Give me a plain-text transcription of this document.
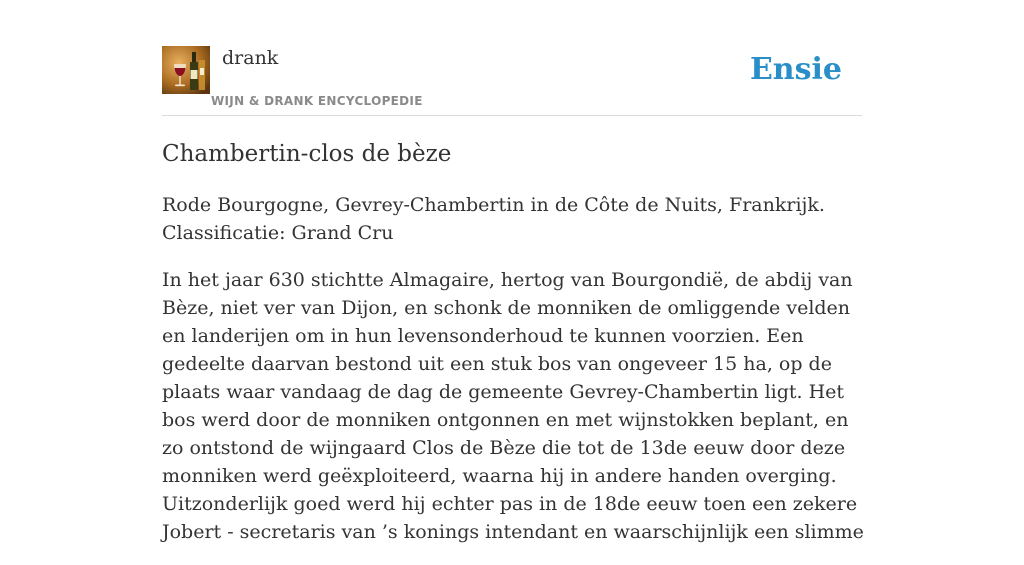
drank
WIJN & DRANK ENCYCLOPEDIE
Ensie
Chambertin-clos de bèze

Rode Bourgogne, Gevrey-Chambertin in de Côte de Nuits, Frankrijk. Classificatie: Grand Cru

In het jaar 630 stichtte Almagaire, hertog van Bourgondië, de abdij van Bèze, niet ver van Dijon, en schonk de monniken de omliggende velden en landerijen om in hun levensonderhoud te kunnen voorzien. Een gedeelte daarvan bestond uit een stuk bos van ongeveer 15 ha, op de plaats waar vandaag de dag de gemeente Gevrey-Chambertin ligt. Het bos werd door de monniken ontgonnen en met wijnstokken beplant, en zo ontstond de wijngaard Clos de Bèze die tot de 13de eeuw door deze monniken werd geëxploiteerd, waarna hij in andere handen overging. Uitzonderlijk goed werd hij echter pas in de 18de eeuw toen een zekere Jobert - secretaris van ’s konings intendant en waarschijnlijk een slimme
